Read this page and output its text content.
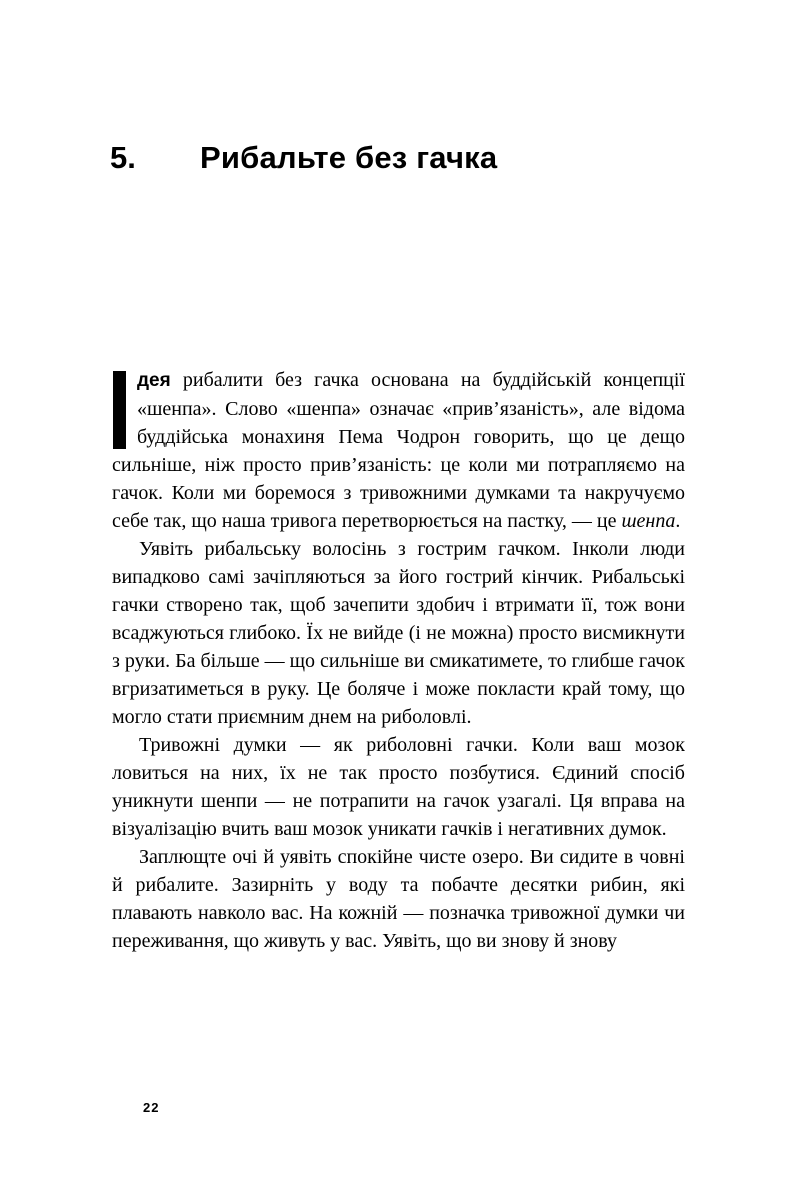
5. Рибальте без гачка

дея рибалити без гачка основана на буддійській концепції «шенпа». Слово «шенпа» означає «прив’язаність», але відома буддійська монахиня Пема Чодрон говорить, що це дещо сильніше, ніж просто прив’язаність: це коли ми потрапляємо на гачок. Коли ми боремося з тривожними думками та накручуємо себе так, що наша тривога перетворюється на пастку, — це шенпа.

Уявіть рибальську волосінь з гострим гачком. Інколи люди випадково самі зачіпляються за його гострий кінчик. Рибальські гачки створено так, щоб зачепити здобич і втримати її, тож вони всаджуються глибоко. Їх не вийде (і не можна) просто висмикнути з руки. Ба більше — що сильніше ви смикатимете, то глибше гачок вгризатиметься в руку. Це боляче і може покласти край тому, що могло стати приємним днем на риболовлі.

Тривожні думки — як риболовні гачки. Коли ваш мозок ловиться на них, їх не так просто позбутися. Єдиний спосіб уникнути шенпи — не потрапити на гачок узагалі. Ця вправа на візуалізацію вчить ваш мозок уникати гачків і негативних думок.

Заплющте очі й уявіть спокійне чисте озеро. Ви сидите в човні й рибалите. Зазирніть у воду та побачте десятки рибин, які плавають навколо вас. На кожній — позначка тривожної думки чи переживання, що живуть у вас. Уявіть, що ви знову й знову

22
